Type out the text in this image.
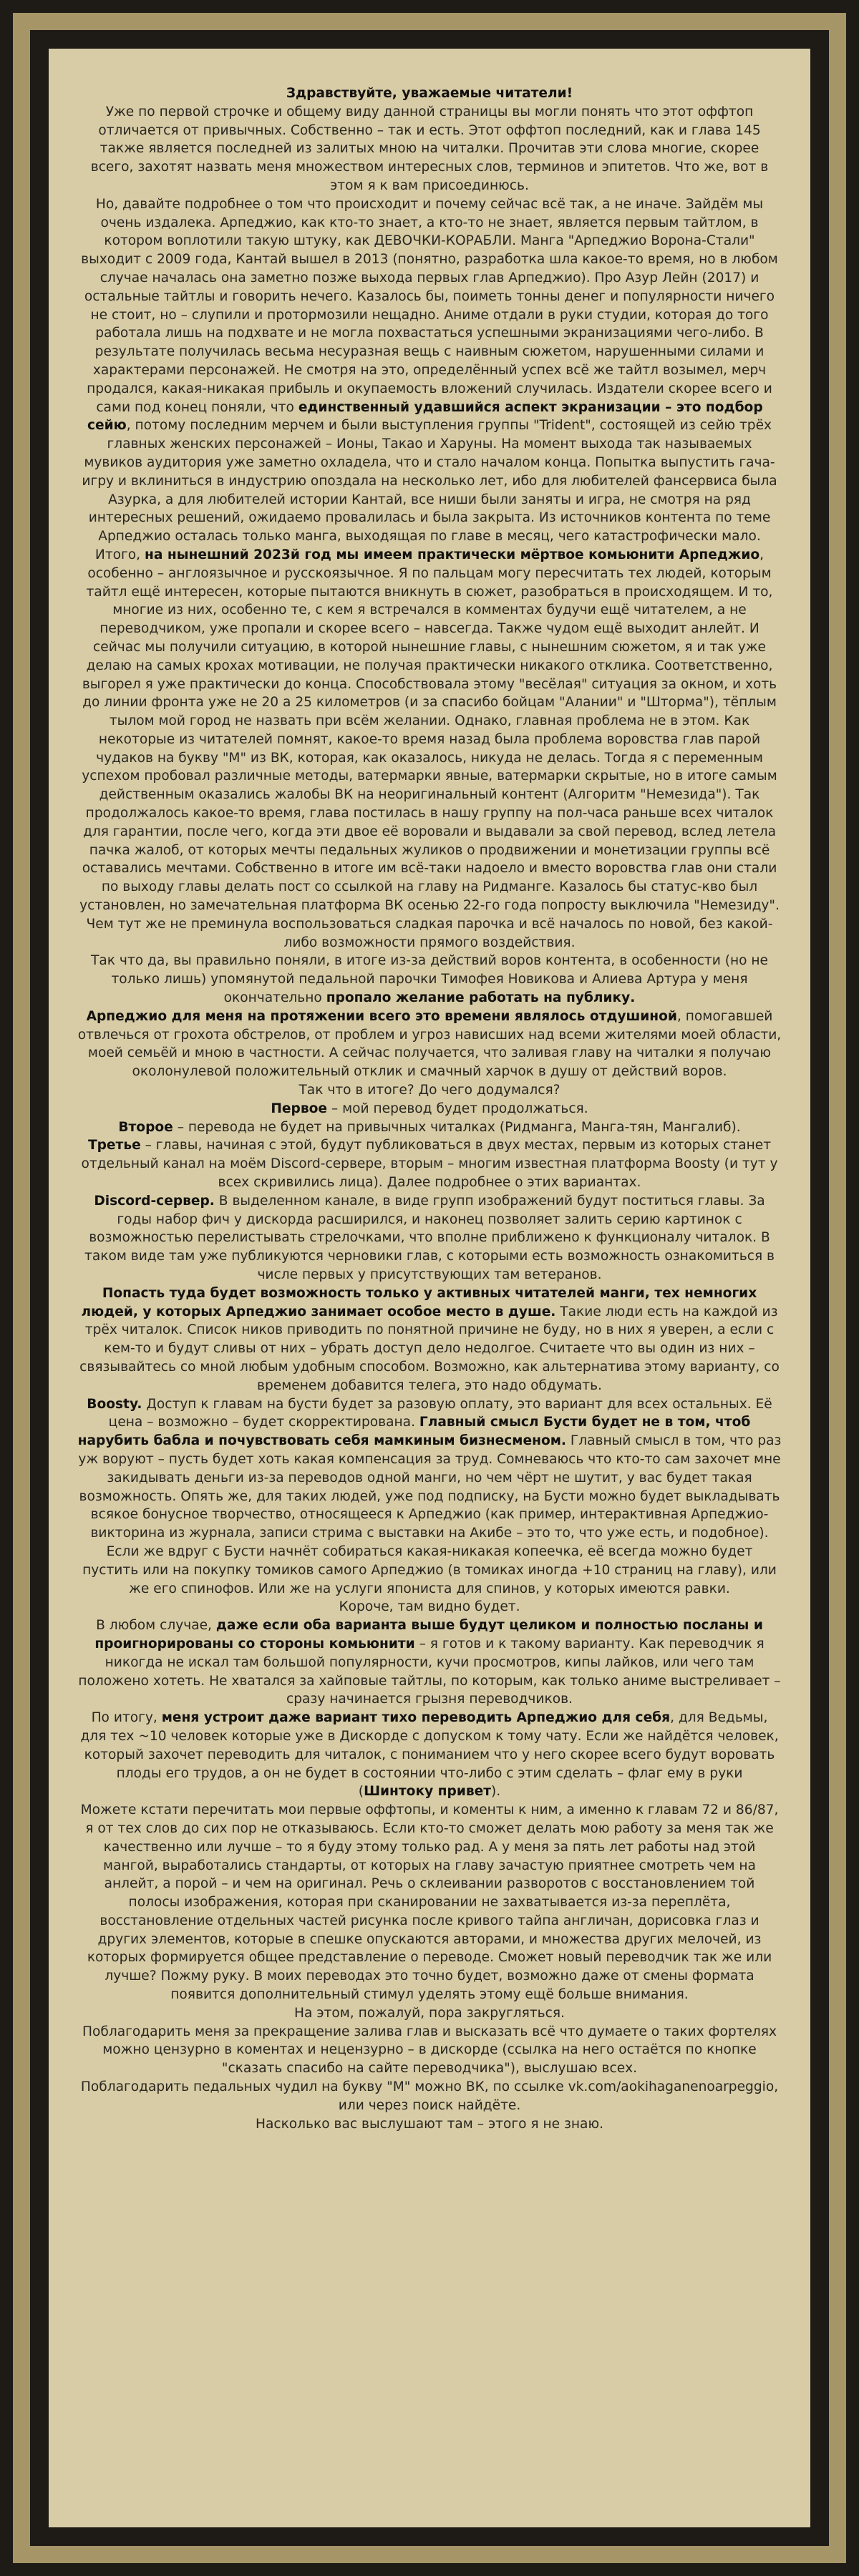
Здравствуйте, уважаемые читатели!

Уже по первой строчке и общему виду данной страницы вы могли понять что этот оффтоп отличается от привычных. Собственно – так и есть. Этот оффтоп последний, как и глава 145 также является последней из залитых мною на читалки. Прочитав эти слова многие, скорее всего, захотят назвать меня множеством интересных слов, терминов и эпитетов. Что же, вот в этом я к вам присоединюсь.

Но, давайте подробнее о том что происходит и почему сейчас всё так, а не иначе. Зайдём мы очень издалека. Арпеджио, как кто-то знает, а кто-то не знает, является первым тайтлом, в котором воплотили такую штуку, как ДЕВОЧКИ-КОРАБЛИ. Манга "Арпеджио Ворона-Стали" выходит с 2009 года, Кантай вышел в 2013 (понятно, разработка шла какое-то время, но в любом случае началась она заметно позже выхода первых глав Арпеджио). Про Азур Лейн (2017) и остальные тайтлы и говорить нечего. Казалось бы, поиметь тонны денег и популярности ничего не стоит, но – слупили и протормозили нещадно. Аниме отдали в руки студии, которая до того работала лишь на подхвате и не могла похвастаться успешными экранизациями чего-либо. В результате получилась весьма несуразная вещь с наивным сюжетом, нарушенными силами и характерами персонажей. Не смотря на это, определённый успех всё же тайтл возымел, мерч продался, какая-никакая прибыль и окупаемость вложений случилась. Издатели скорее всего и сами под конец поняли, что единственный удавшийся аспект экранизации – это подбор сейю, потому последним мерчем и были выступления группы "Trident", состоящей из сейю трёх главных женских персонажей – Ионы, Такао и Харуны. На момент выхода так называемых мувиков аудитория уже заметно охладела, что и стало началом конца. Попытка выпустить гача-игру и вклиниться в индустрию опоздала на несколько лет, ибо для любителей фансервиса была Азурка, а для любителей истории Кантай, все ниши были заняты и игра, не смотря на ряд интересных решений, ожидаемо провалилась и была закрыта. Из источников контента по теме Арпеджио осталась только манга, выходящая по главе в месяц, чего катастрофически мало.

Итого, на нынешний 2023й год мы имеем практически мёртвое комьюнити Арпеджио, особенно – англоязычное и русскоязычное. Я по пальцам могу пересчитать тех людей, которым тайтл ещё интересен, которые пытаются вникнуть в сюжет, разобраться в происходящем. И то, многие из них, особенно те, с кем я встречался в комментах будучи ещё читателем, а не переводчиком, уже пропали и скорее всего – навсегда. Также чудом ещё выходит анлейт. И сейчас мы получили ситуацию, в которой нынешние главы, с нынешним сюжетом, я и так уже делаю на самых крохах мотивации, не получая практически никакого отклика. Соответственно, выгорел я уже практически до конца. Способствовала этому "весёлая" ситуация за окном, и хоть до линии фронта уже не 20 а 25 километров (и за спасибо бойцам "Алании" и "Шторма"), тёплым тылом мой город не назвать при всём желании. Однако, главная проблема не в этом. Как некоторые из читателей помнят, какое-то время назад была проблема воровства глав парой чудаков на букву "М" из ВК, которая, как оказалось, никуда не делась. Тогда я с переменным успехом пробовал различные методы, ватермарки явные, ватермарки скрытые, но в итоге самым действенным оказались жалобы ВК на неоригинальный контент (Алгоритм "Немезида"). Так продолжалось какое-то время, глава постилась в нашу группу на пол-часа раньше всех читалок для гарантии, после чего, когда эти двое её воровали и выдавали за свой перевод, вслед летела пачка жалоб, от которых мечты педальных жуликов о продвижении и монетизации группы всё оставались мечтами. Собственно в итоге им всё-таки надоело и вместо воровства глав они стали по выходу главы делать пост со ссылкой на главу на Ридманге. Казалось бы статус-кво был установлен, но замечательная платформа ВК осенью 22-го года попросту выключила "Немезиду". Чем тут же не преминула воспользоваться сладкая парочка и всё началось по новой, без какой-либо возможности прямого воздействия.

Так что да, вы правильно поняли, в итоге из-за действий воров контента, в особенности (но не только лишь) упомянутой педальной парочки Тимофея Новикова и Алиева Артура у меня окончательно пропало желание работать на публику.

Арпеджио для меня на протяжении всего это времени являлось отдушиной, помогавшей отвлечься от грохота обстрелов, от проблем и угроз нависших над всеми жителями моей области, моей семьёй и мною в частности. А сейчас получается, что заливая главу на читалки я получаю околонулевой положительный отклик и смачный харчок в душу от действий воров.

Так что в итоге? До чего додумался?

Первое – мой перевод будет продолжаться.

Второе – перевода не будет на привычных читалках (Ридманга, Манга-тян, Мангалиб).

Третье – главы, начиная с этой, будут публиковаться в двух местах, первым из которых станет отдельный канал на моём Discord-сервере, вторым – многим известная платформа Boosty (и тут у всех скривились лица). Далее подробнее о этих вариантах.

Discord-сервер. В выделенном канале, в виде групп изображений будут поститься главы. За годы набор фич у дискорда расширился, и наконец позволяет залить серию картинок с возможностью перелистывать стрелочками, что вполне приближено к функционалу читалок. В таком виде там уже публикуются черновики глав, с которыми есть возможность ознакомиться в числе первых у присутствующих там ветеранов.

Попасть туда будет возможность только у активных читателей манги, тех немногих людей, у которых Арпеджио занимает особое место в душе. Такие люди есть на каждой из трёх читалок. Список ников приводить по понятной причине не буду, но в них я уверен, а если с кем-то и будут сливы от них – убрать доступ дело недолгое. Считаете что вы один из них – связывайтесь со мной любым удобным способом. Возможно, как альтернатива этому варианту, со временем добавится телега, это надо обдумать.

Boosty. Доступ к главам на бусти будет за разовую оплату, это вариант для всех остальных. Её цена – возможно – будет скорректирована. Главный смысл Бусти будет не в том, чтоб нарубить бабла и почувствовать себя мамкиным бизнесменом. Главный смысл в том, что раз уж воруют – пусть будет хоть какая компенсация за труд. Сомневаюсь что кто-то сам захочет мне закидывать деньги из-за переводов одной манги, но чем чёрт не шутит, у вас будет такая возможность. Опять же, для таких людей, уже под подписку, на Бусти можно будет выкладывать всякое бонусное творчество, относящееся к Арпеджио (как пример, интерактивная Арпеджио-викторина из журнала, записи стрима с выставки на Акибе – это то, что уже есть, и подобное). Если же вдруг с Бусти начнёт собираться какая-никакая копеечка, её всегда можно будет пустить или на покупку томиков самого Арпеджио (в томиках иногда +10 страниц на главу), или же его спинофов. Или же на услуги япониста для спинов, у которых имеются равки.

Короче, там видно будет.

В любом случае, даже если оба варианта выше будут целиком и полностью посланы и проигнорированы со стороны комьюнити – я готов и к такому варианту. Как переводчик я никогда не искал там большой популярности, кучи просмотров, кипы лайков, или чего там положено хотеть. Не хватался за хайповые тайтлы, по которым, как только аниме выстреливает – сразу начинается грызня переводчиков.

По итогу, меня устроит даже вариант тихо переводить Арпеджио для себя, для Ведьмы, для тех ~10 человек которые уже в Дискорде с допуском к тому чату. Если же найдётся человек, который захочет переводить для читалок, с пониманием что у него скорее всего будут воровать плоды его трудов, а он не будет в состоянии что-либо с этим сделать – флаг ему в руки (Шинтоку привет).

Можете кстати перечитать мои первые оффтопы, и коменты к ним, а именно к главам 72 и 86/87, я от тех слов до сих пор не отказываюсь. Если кто-то сможет делать мою работу за меня так же качественно или лучше – то я буду этому только рад. А у меня за пять лет работы над этой мангой, выработались стандарты, от которых на главу зачастую приятнее смотреть чем на анлейт, а порой – и чем на оригинал. Речь о склеивании разворотов с восстановлением той полосы изображения, которая при сканировании не захватывается из-за переплёта, восстановление отдельных частей рисунка после кривого тайпа англичан, дорисовка глаз и других элементов, которые в спешке опускаются авторами, и множества других мелочей, из которых формируется общее представление о переводе. Сможет новый переводчик так же или лучше? Пожму руку. В моих переводах это точно будет, возможно даже от смены формата появится дополнительный стимул уделять этому ещё больше внимания.

На этом, пожалуй, пора закругляться.

Поблагодарить меня за прекращение залива глав и высказать всё что думаете о таких фортелях можно цензурно в коментах и нецензурно – в дискорде (ссылка на него остаётся по кнопке "сказать спасибо на сайте переводчика"), выслушаю всех.

Поблагодарить педальных чудил на букву "М" можно ВК, по ссылке vk.com/aokihaganenoarpeggio, или через поиск найдёте.

Насколько вас выслушают там – этого я не знаю.
